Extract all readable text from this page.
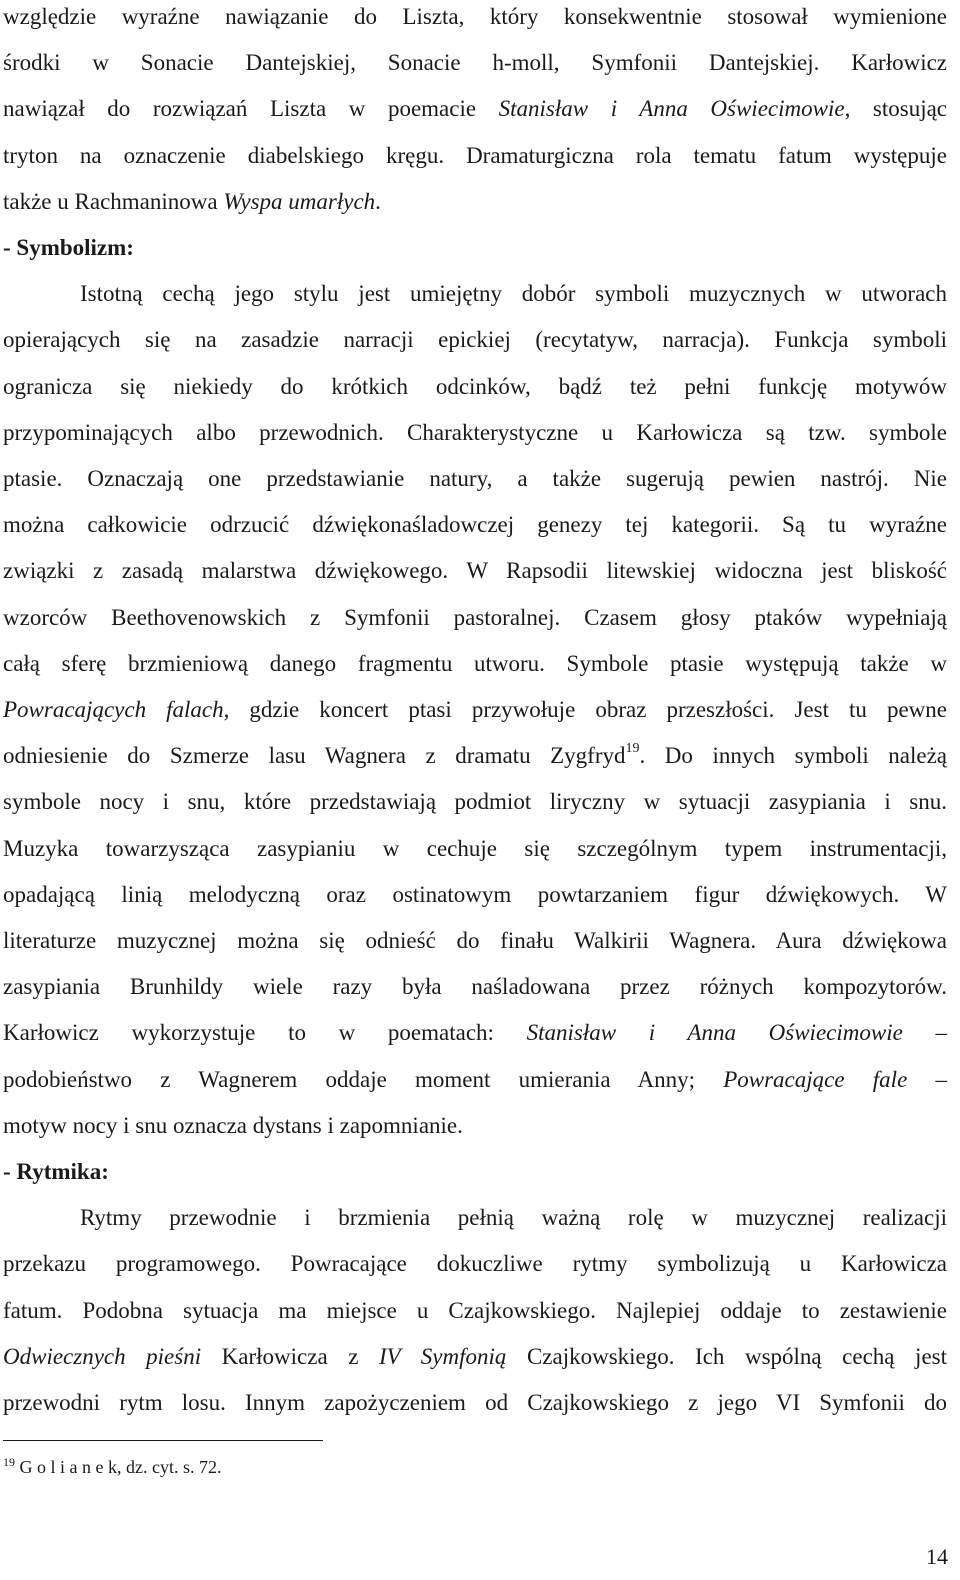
względzie wyraźne nawiązanie do Liszta, który konsekwentnie stosował wymienione
środki w Sonacie Dantejskiej, Sonacie h-moll, Symfonii Dantejskiej. Karłowicz
nawiązał do rozwiązań Liszta w poemacie Stanisław i Anna Oświecimowie, stosując
tryton na oznaczenie diabelskiego kręgu. Dramaturgiczna rola tematu fatum występuje
także u Rachmaninowa Wyspa umarłych.
- Symbolizm:
Istotną cechą jego stylu jest umiejętny dobór symboli muzycznych w utworach
opierających się na zasadzie narracji epickiej (recytatyw, narracja). Funkcja symboli
ogranicza się niekiedy do krótkich odcinków, bądź też pełni funkcję motywów
przypominających albo przewodnich. Charakterystyczne u Karłowicza są tzw. symbole
ptasie. Oznaczają one przedstawianie natury, a także sugerują pewien nastrój. Nie
można całkowicie odrzucić dźwiękonaśladowczej genezy tej kategorii. Są tu wyraźne
związki z zasadą malarstwa dźwiękowego. W Rapsodii litewskiej widoczna jest bliskość
wzorców Beethovenowskich z Symfonii pastoralnej. Czasem głosy ptaków wypełniają
całą sferę brzmieniową danego fragmentu utworu. Symbole ptasie występują także w
Powracających falach, gdzie koncert ptasi przywołuje obraz przeszłości. Jest tu pewne
odniesienie do Szmerze lasu Wagnera z dramatu Zygfryd$^{19}$. Do innych symboli należą
symbole nocy i snu, które przedstawiają podmiot liryczny w sytuacji zasypiania i snu.
Muzyka towarzysząca zasypianiu w cechuje się szczególnym typem instrumentacji,
opadającą linią melodyczną oraz ostinatowym powtarzaniem figur dźwiękowych. W
literaturze muzycznej można się odnieść do finału Walkirii Wagnera. Aura dźwiękowa
zasypiania Brunhildy wiele razy była naśladowana przez różnych kompozytorów.
Karłowicz wykorzystuje to w poematach: Stanisław i Anna Oświecimowie –
podobieństwo z Wagnerem oddaje moment umierania Anny; Powracające fale –
motyw nocy i snu oznacza dystans i zapomnianie.
- Rytmika:
Rytmy przewodnie i brzmienia pełnią ważną rolę w muzycznej realizacji
przekazu programowego. Powracające dokuczliwe rytmy symbolizują u Karłowicza
fatum. Podobna sytuacja ma miejsce u Czajkowskiego. Najlepiej oddaje to zestawienie
Odwiecznych pieśni Karłowicza z IV Symfonią Czajkowskiego. Ich wspólną cechą jest
przewodni rytm losu. Innym zapożyczeniem od Czajkowskiego z jego VI Symfonii do
$^{19}$ G o l i a n e k, dz. cyt. s. 72.
14
